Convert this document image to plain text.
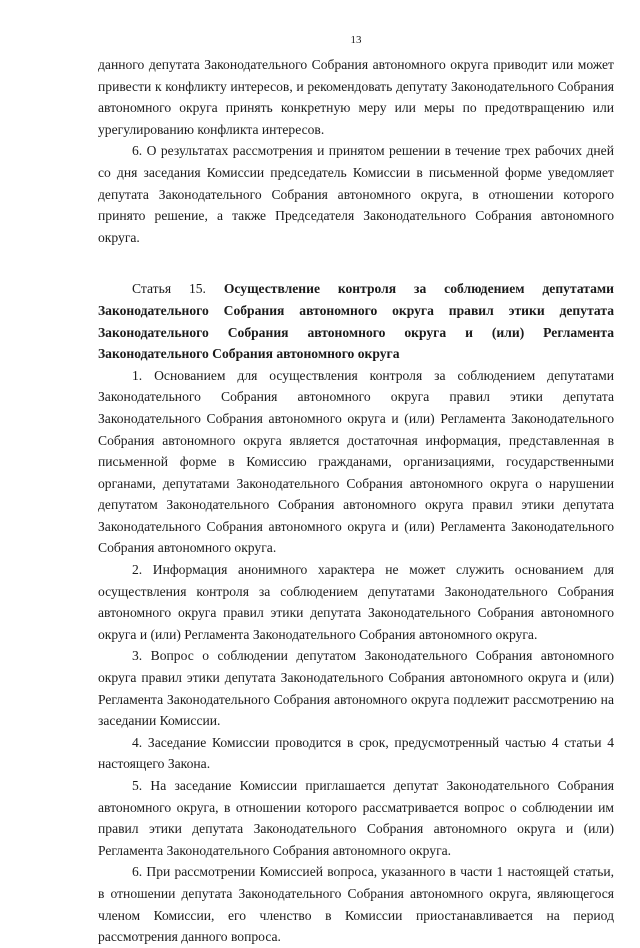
13

данного депутата Законодательного Собрания автономного округа приводит или может привести к конфликту интересов, и рекомендовать депутату Законодательного Собрания автономного округа принять конкретную меру или меры по предотвращению или урегулированию конфликта интересов.

6. О результатах рассмотрения и принятом решении в течение трех рабочих дней со дня заседания Комиссии председатель Комиссии в письменной форме уведомляет депутата Законодательного Собрания автономного округа, в отношении которого принято решение, а также Председателя Законодательного Собрания автономного округа.

Статья 15. Осуществление контроля за соблюдением депутатами Законодательного Собрания автономного округа правил этики депутата Законодательного Собрания автономного округа и (или) Регламента Законодательного Собрания автономного округа

1. Основанием для осуществления контроля за соблюдением депутатами Законодательного Собрания автономного округа правил этики депутата Законодательного Собрания автономного округа и (или) Регламента Законодательного Собрания автономного округа является достаточная информация, представленная в письменной форме в Комиссию гражданами, организациями, государственными органами, депутатами Законодательного Собрания автономного округа о нарушении депутатом Законодательного Собрания автономного округа правил этики депутата Законодательного Собрания автономного округа и (или) Регламента Законодательного Собрания автономного округа.

2. Информация анонимного характера не может служить основанием для осуществления контроля за соблюдением депутатами Законодательного Собрания автономного округа правил этики депутата Законодательного Собрания автономного округа и (или) Регламента Законодательного Собрания автономного округа.

3. Вопрос о соблюдении депутатом Законодательного Собрания автономного округа правил этики депутата Законодательного Собрания автономного округа и (или) Регламента Законодательного Собрания автономного округа подлежит рассмотрению на заседании Комиссии.

4. Заседание Комиссии проводится в срок, предусмотренный частью 4 статьи 4 настоящего Закона.

5. На заседание Комиссии приглашается депутат Законодательного Собрания автономного округа, в отношении которого рассматривается вопрос о соблюдении им правил этики депутата Законодательного Собрания автономного округа и (или) Регламента Законодательного Собрания автономного округа.

6. При рассмотрении Комиссией вопроса, указанного в части 1 настоящей статьи, в отношении депутата Законодательного Собрания автономного округа, являющегося членом Комиссии, его членство в Комиссии приостанавливается на период рассмотрения данного вопроса.
